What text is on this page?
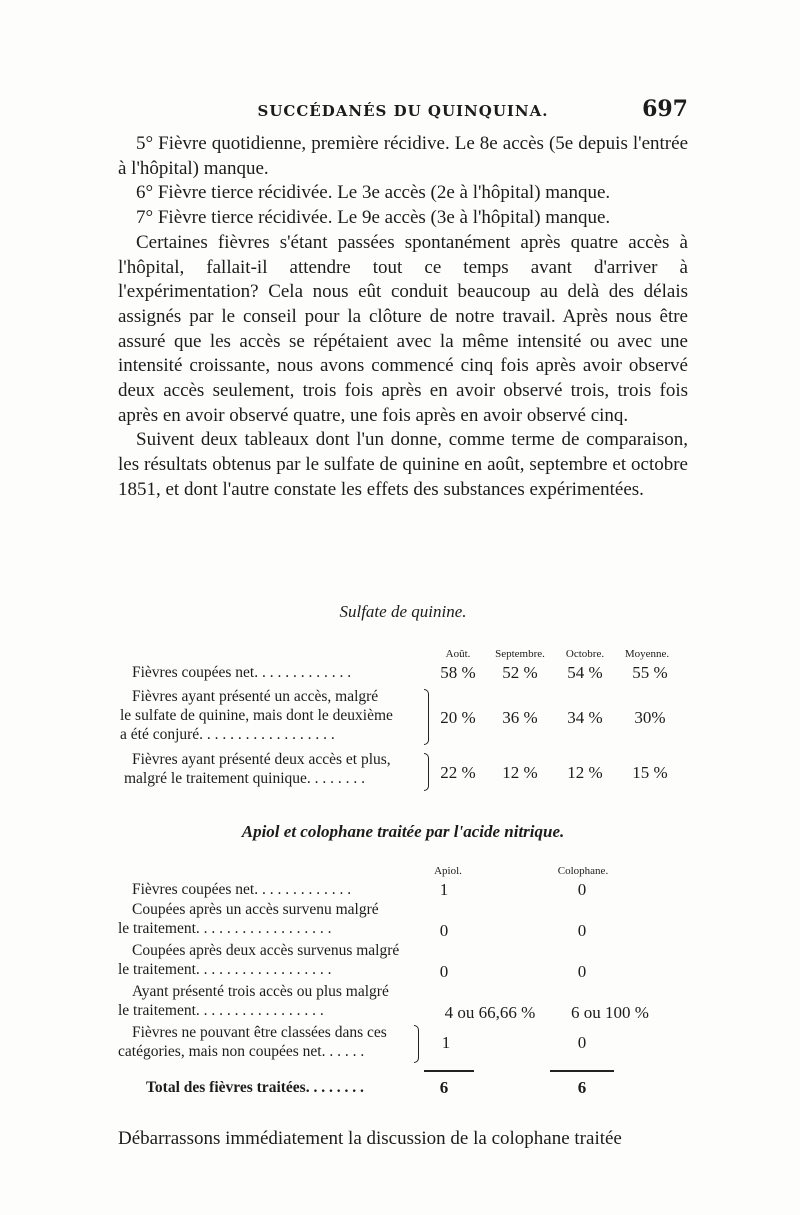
SUCCÉDANÉS DU QUINQUINA.	697

5° Fièvre quotidienne, première récidive. Le 8e accès (5e depuis l'entrée à l'hôpital) manque.

6° Fièvre tierce récidivée. Le 3e accès (2e à l'hôpital) manque.

7° Fièvre tierce récidivée. Le 9e accès (3e à l'hôpital) manque.

Certaines fièvres s'étant passées spontanément après quatre accès à l'hôpital, fallait-il attendre tout ce temps avant d'arriver à l'expérimentation? Cela nous eût conduit beaucoup au delà des délais assignés par le conseil pour la clôture de notre travail. Après nous être assuré que les accès se répétaient avec la même intensité ou avec une intensité croissante, nous avons commencé cinq fois après avoir observé deux accès seulement, trois fois après en avoir observé trois, trois fois après en avoir observé quatre, une fois après en avoir observé cinq.

Suivent deux tableaux dont l'un donne, comme terme de comparaison, les résultats obtenus par le sulfate de quinine en août, septembre et octobre 1851, et dont l'autre constate les effets des substances expérimentées.

Sulfate de quinine.
Août.	Septembre.	Octobre.	Moyenne.
Fièvres coupées net. . . . . . . . . . . . .	58 %	52 %	54 %	55 %
Fièvres ayant présenté un accès, malgré
le sulfate de quinine, mais dont le deuxième
a été conjuré. . . . . . . . . . . . . . . . . .
20 %	36 %	34 %	30%
Fièvres ayant présenté deux accès et plus,
malgré le traitement quinique. . . . . . . .	22 %	12 %	12 %	15 %
Apiol et colophane traitée par l'acide nitrique.
Apiol.	Colophane.
Fièvres coupées net. . . . . . . . . . . . .	1	0
Coupées après un accès survenu malgré
le traitement. . . . . . . . . . . . . . . . . .	0	0
Coupées après deux accès survenus malgré
le traitement. . . . . . . . . . . . . . . . . .	0	0
Ayant présenté trois accès ou plus malgré
le traitement. . . . . . . . . . . . . . . . .	4 ou 66,66 %	6 ou 100 %
Fièvres ne pouvant être classées dans ces
catégories, mais non coupées net. . . . . .	1	0
Total des fièvres traitées. . . . . . . .	6	6
Débarrassons immédiatement la discussion de la colophane traitée
